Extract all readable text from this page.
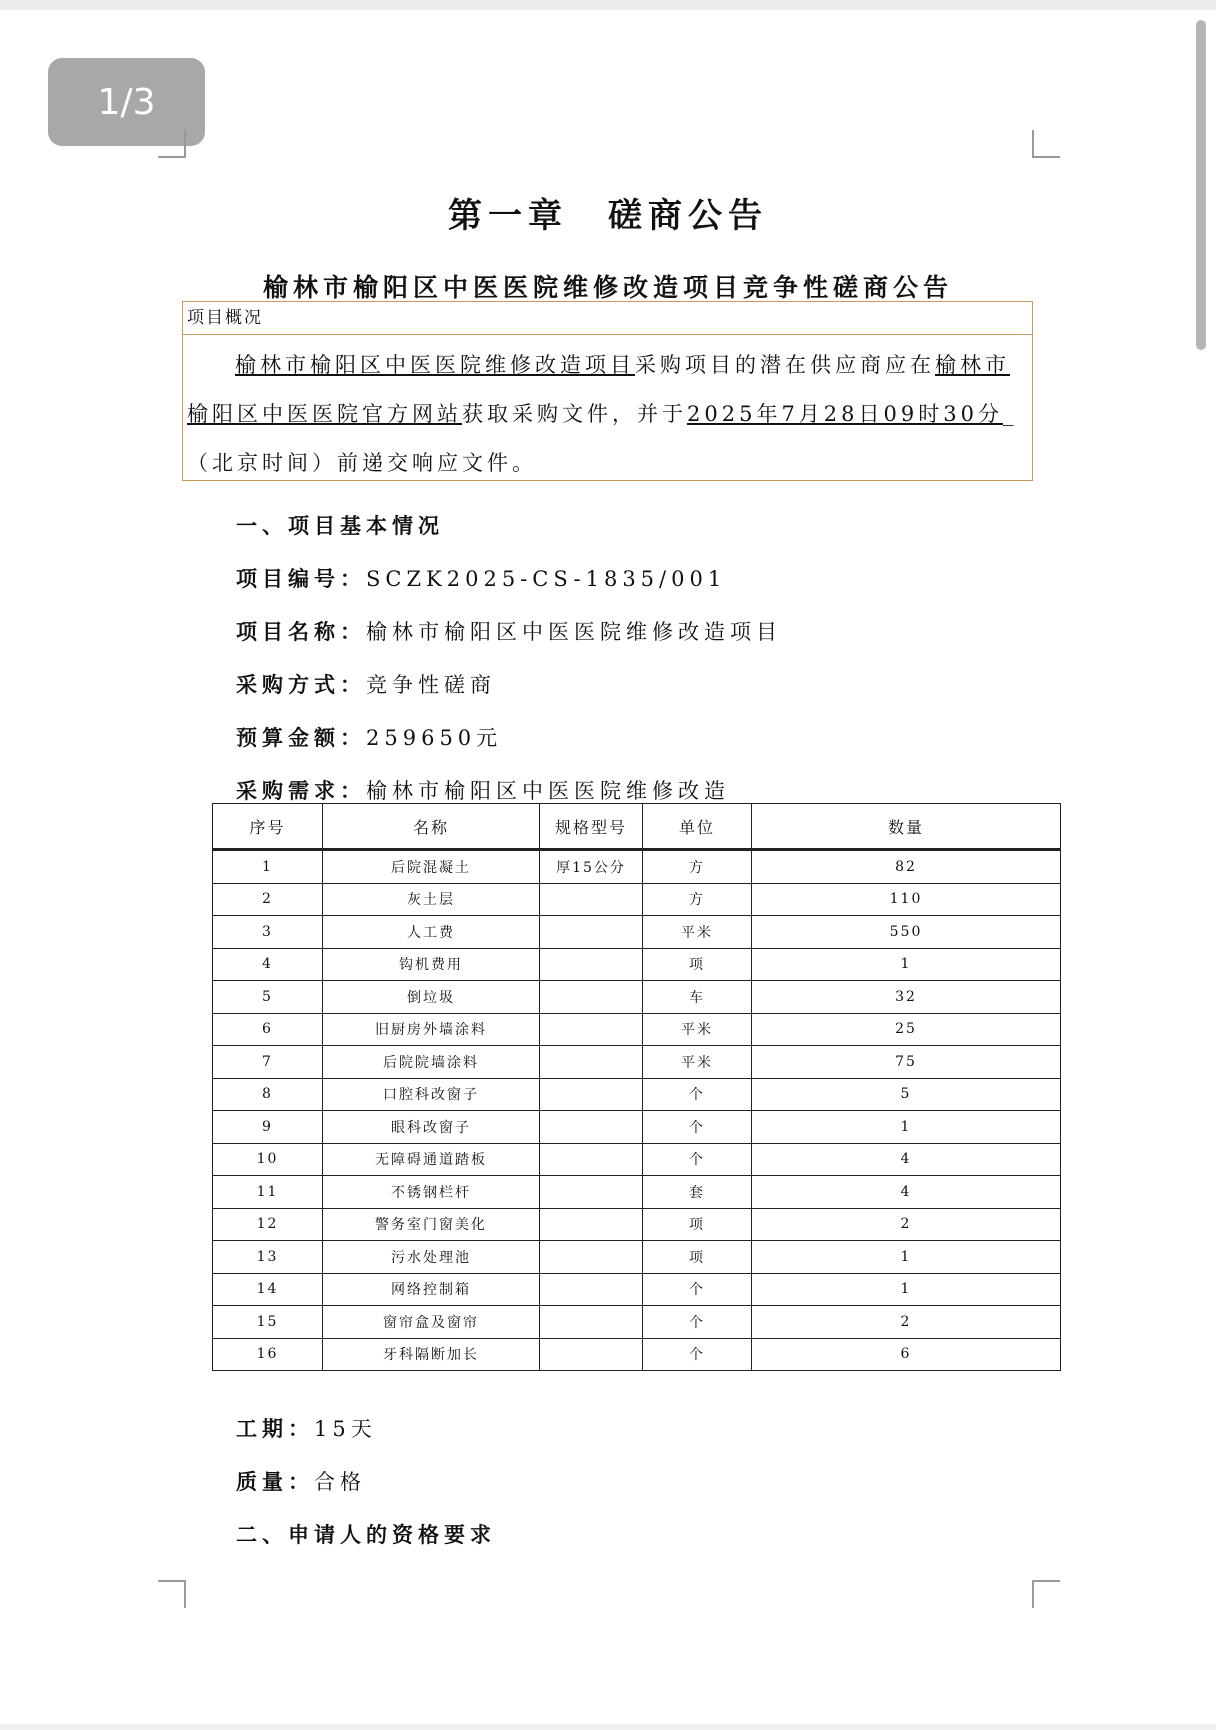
1/3
第一章　磋商公告
榆林市榆阳区中医医院维修改造项目竞争性磋商公告
项目概况
榆林市榆阳区中医医院维修改造项目采购项目的潜在供应商应在榆林市榆阳区中医医院官方网站获取采购文件，并于2025年7月28日09时30分_（北京时间）前递交响应文件。
一、项目基本情况
项目编号：SCZK2025-CS-1835/001
项目名称：榆林市榆阳区中医医院维修改造项目
采购方式：竞争性磋商
预算金额：259650元
采购需求：榆林市榆阳区中医医院维修改造
序号	名称	规格型号	单位	数量
1	后院混凝土	厚15公分	方	82
2	灰土层		方	110
3	人工费		平米	550
4	钩机费用		项	1
5	倒垃圾		车	32
6	旧厨房外墙涂料		平米	25
7	后院院墙涂料		平米	75
8	口腔科改窗子		个	5
9	眼科改窗子		个	1
10	无障碍通道踏板		个	4
11	不锈钢栏杆		套	4
12	警务室门窗美化		项	2
13	污水处理池		项	1
14	网络控制箱		个	1
15	窗帘盒及窗帘		个	2
16	牙科隔断加长		个	6
工期：15天
质量：合格
二、申请人的资格要求
